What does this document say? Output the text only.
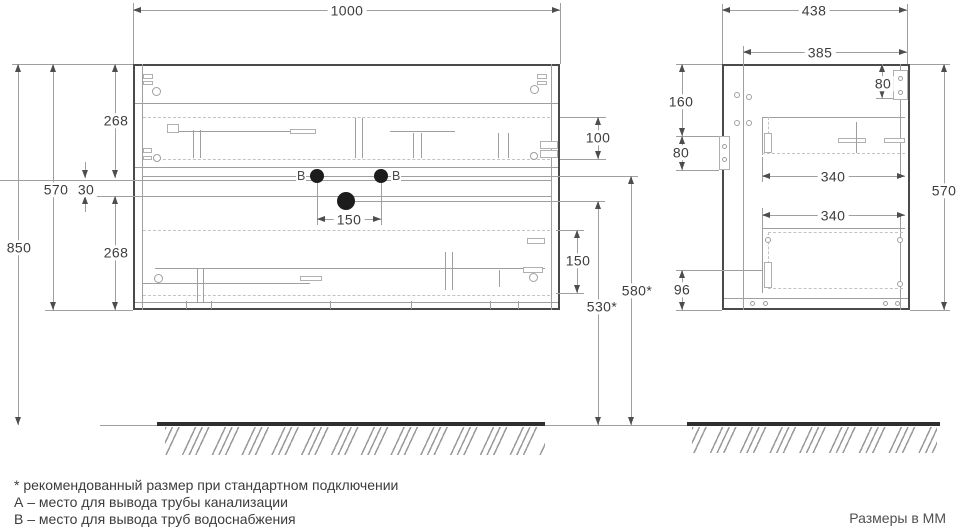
1000
B	B
150
850
570
268
268
30
100
150
580*
530*
438
385
80
340
340
160
80
96
570
* рекомендованный размер при стандартном подключении
А – место для вывода трубы канализации
В – место для вывода труб водоснабжения	Размеры в ММ
